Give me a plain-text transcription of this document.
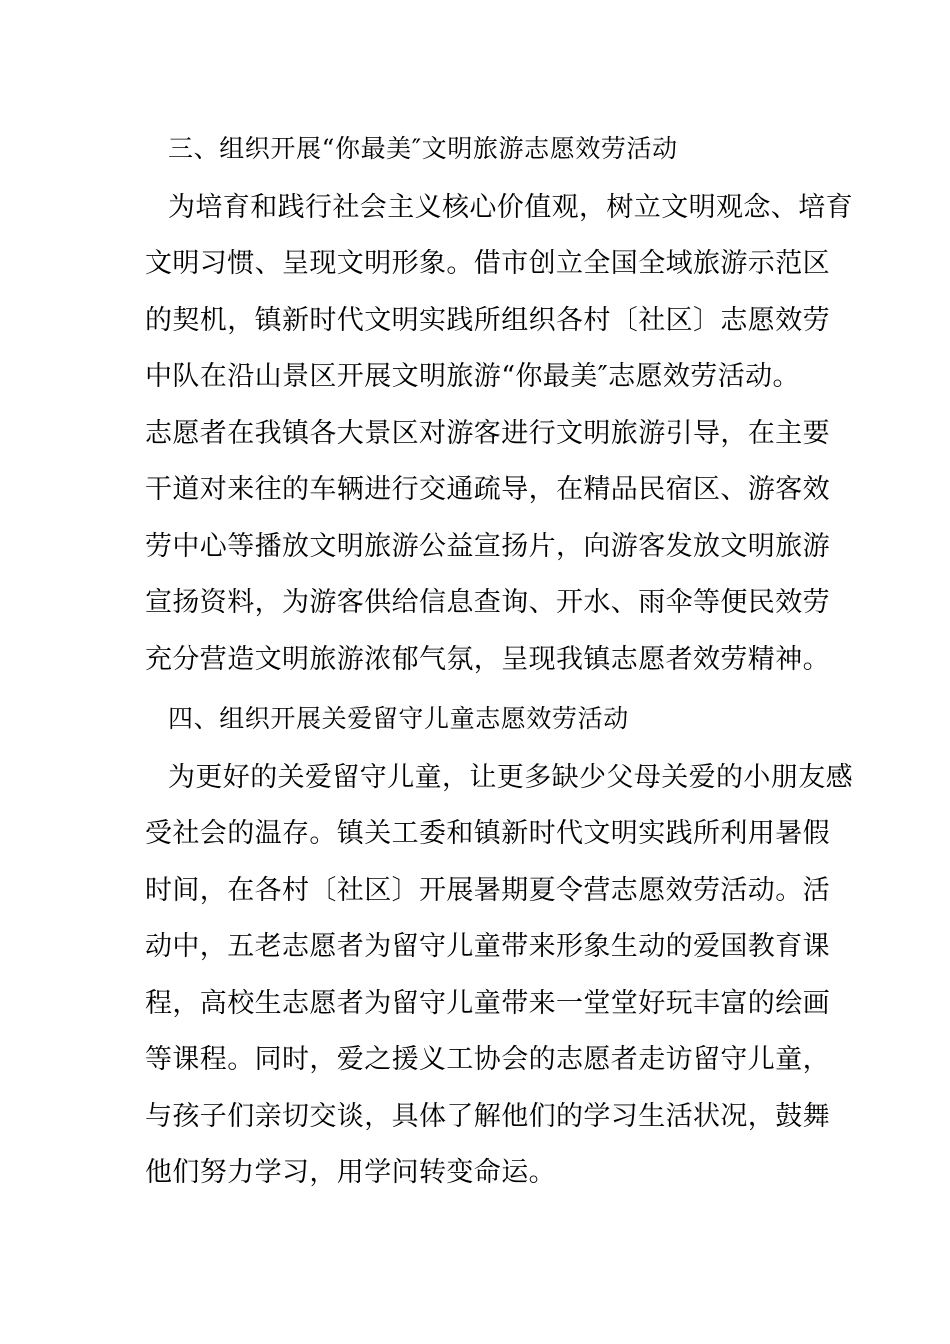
三、组织开展“你最美″文明旅游志愿效劳活动
为培育和践行社会主义核心价值观，树立文明观念、培育
文明习惯、呈现文明形象。借市创立全国全域旅游示范区
的契机，镇新时代文明实践所组织各村〔社区〕志愿效劳
中队在沿山景区开展文明旅游“你最美″志愿效劳活动。
志愿者在我镇各大景区对游客进行文明旅游引导，在主要
干道对来往的车辆进行交通疏导，在精品民宿区、游客效
劳中心等播放文明旅游公益宣扬片，向游客发放文明旅游
宣扬资料，为游客供给信息查询、开水、雨伞等便民效劳
充分营造文明旅游浓郁气氛，呈现我镇志愿者效劳精神。
四、组织开展关爱留守儿童志愿效劳活动
为更好的关爱留守儿童，让更多缺少父母关爱的小朋友感
受社会的温存。镇关工委和镇新时代文明实践所利用暑假
时间，在各村〔社区〕开展暑期夏令营志愿效劳活动。活
动中，五老志愿者为留守儿童带来形象生动的爱国教育课
程，高校生志愿者为留守儿童带来一堂堂好玩丰富的绘画
等课程。同时，爱之援义工协会的志愿者走访留守儿童，
与孩子们亲切交谈，具体了解他们的学习生活状况，鼓舞
他们努力学习，用学问转变命运。
